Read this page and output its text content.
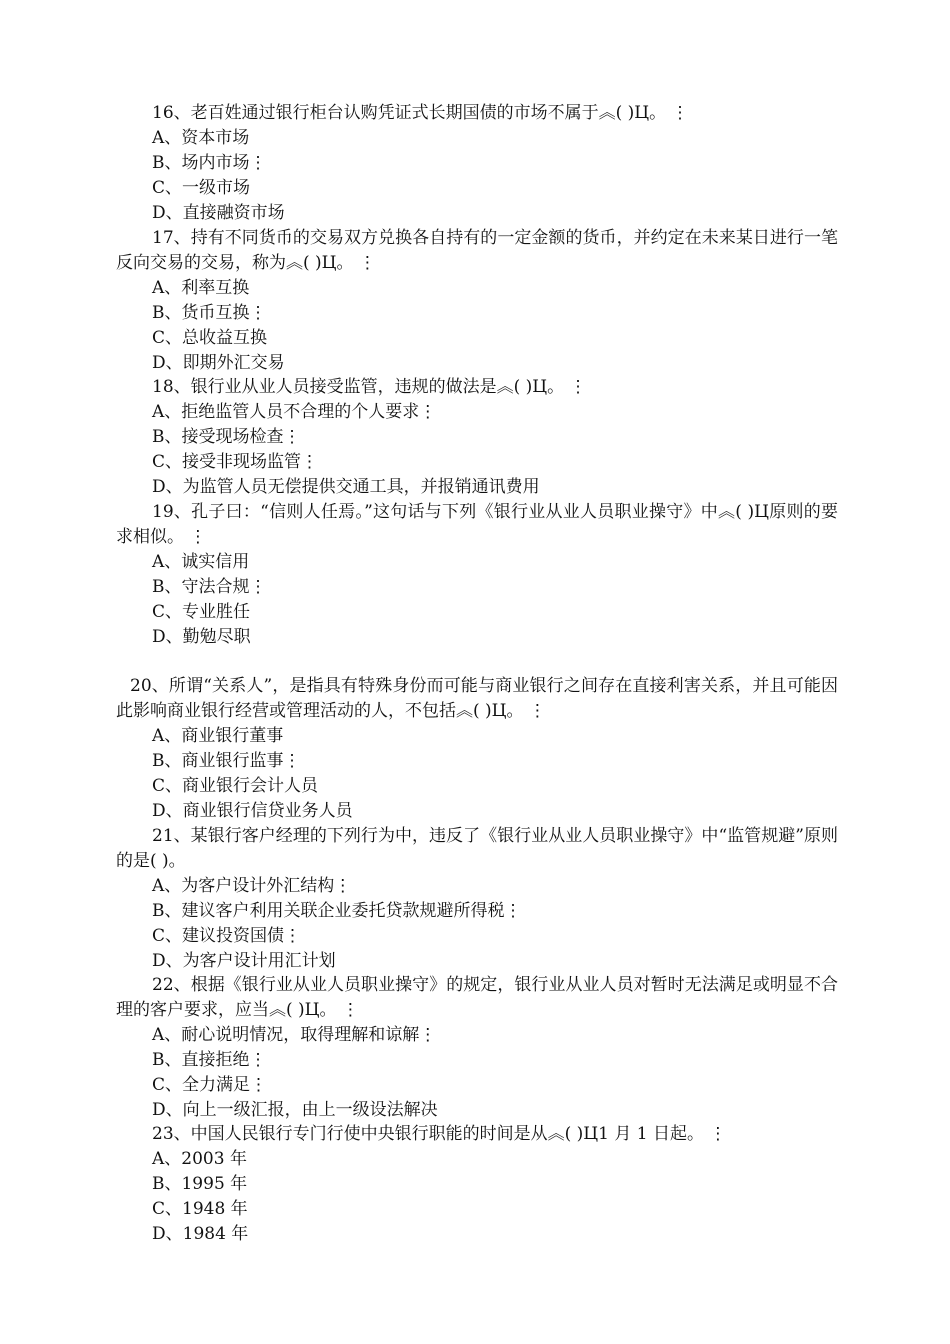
16、老百姓通过银行柜台认购凭证式长期国债的市场不属于︽( )Ц。 ⋮

A、资本市场

B、场内市场⋮

C、一级市场

D、直接融资市场

17、持有不同货币的交易双方兑换各自持有的一定金额的货币，并约定在未来某日进行一笔反向交易的交易，称为︽( )Ц。 ⋮

A、利率互换

B、货币互换⋮

C、总收益互换

D、即期外汇交易

18、银行业从业人员接受监管，违规的做法是︽( )Ц。 ⋮

A、拒绝监管人员不合理的个人要求⋮

B、接受现场检查⋮

C、接受非现场监管⋮

D、为监管人员无偿提供交通工具，并报销通讯费用

19、孔子曰：“信则人任焉。”这句话与下列《银行业从业人员职业操守》中︽( )Ц原则的要求相似。 ⋮

A、诚实信用

B、守法合规⋮

C、专业胜任

D、勤勉尽职

20、所谓“关系人”，是指具有特殊身份而可能与商业银行之间存在直接利害关系，并且可能因此影响商业银行经营或管理活动的人，不包括︽( )Ц。 ⋮

A、商业银行董事

B、商业银行监事⋮

C、商业银行会计人员

D、商业银行信贷业务人员

21、某银行客户经理的下列行为中，违反了《银行业从业人员职业操守》中“监管规避”原则的是( )。

A、为客户设计外汇结构⋮

B、建议客户利用关联企业委托贷款规避所得税⋮

C、建议投资国债⋮

D、为客户设计用汇计划

22、根据《银行业从业人员职业操守》的规定，银行业从业人员对暂时无法满足或明显不合理的客户要求，应当︽( )Ц。 ⋮

A、耐心说明情况，取得理解和谅解⋮

B、直接拒绝⋮

C、全力满足⋮

D、向上一级汇报，由上一级设法解决

23、中国人民银行专门行使中央银行职能的时间是从︽( )Ц1 月 1 日起。 ⋮

A、2003 年

B、1995 年

C、1948 年

D、1984 年
